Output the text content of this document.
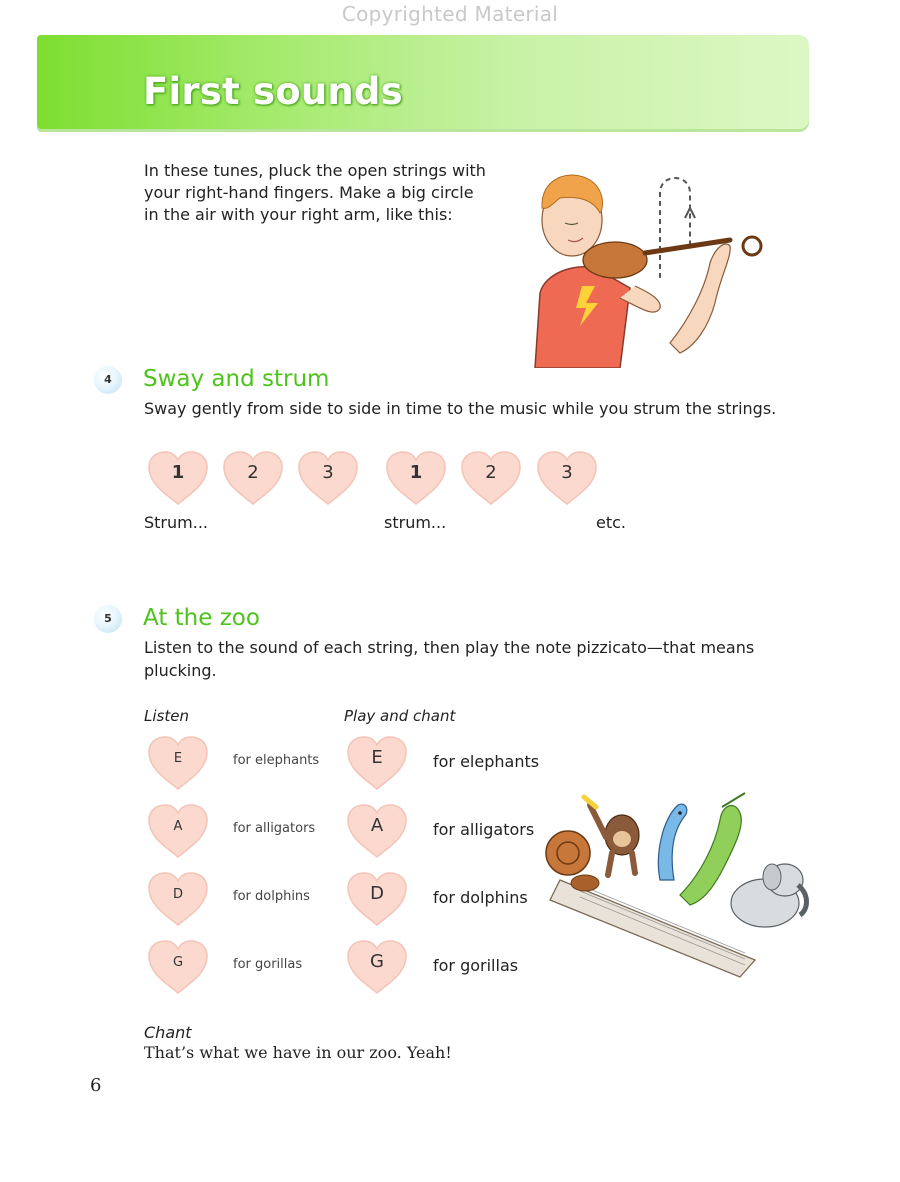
Copyrighted Material
First sounds
In these tunes, pluck the open strings with
your right-hand fingers. Make a big circle
in the air with your right arm, like this:
4	Sway and strum
Sway gently from side to side in time to the music while you strum the strings.
1	2	3	1	2	3
Strum...	strum...	etc.
5	At the zoo
Listen to the sound of each string, then play the note pizzicato—that means
plucking.
Listen	Play and chant
E	for elephants	E	for elephants
A	for alligators	A	for alligators
D	for dolphins	D	for dolphins
G	for gorillas	G	for gorillas
Chant
That’s what we have in our zoo. Yeah!
6
